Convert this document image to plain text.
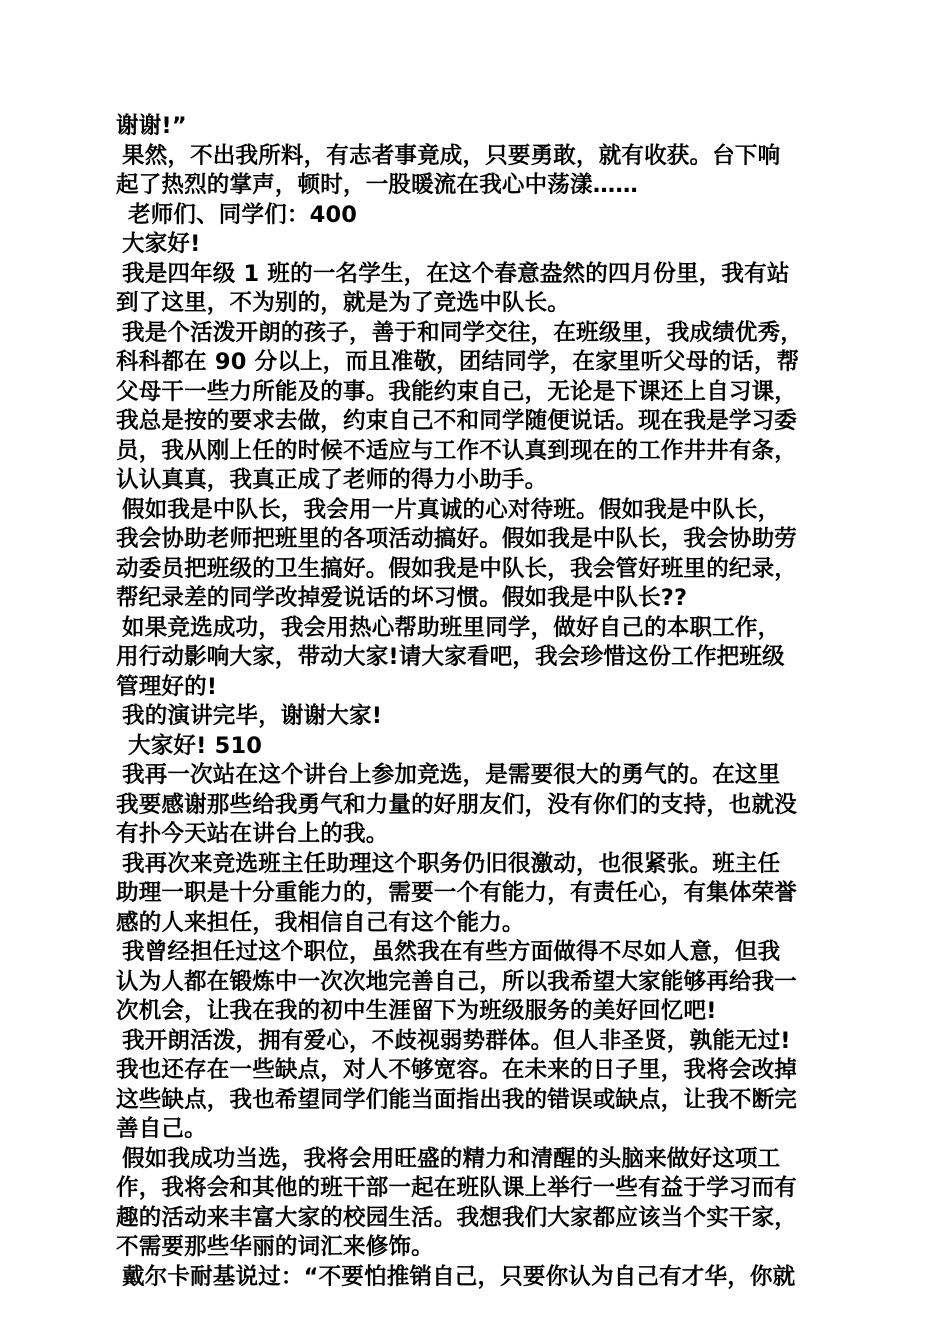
谢谢!”
果然，不出我所料，有志者事竟成，只要勇敢，就有收获。台下响
起了热烈的掌声，顿时，一股暖流在我心中荡漾……
老师们、同学们：400
大家好!
我是四年级 1 班的一名学生，在这个春意盎然的四月份里，我有站
到了这里，不为别的，就是为了竞选中队长。
我是个活泼开朗的孩子，善于和同学交往，在班级里，我成绩优秀，
科科都在 90 分以上，而且准敬，团结同学，在家里听父母的话，帮
父母干一些力所能及的事。我能约束自己，无论是下课还上自习课，
我总是按的要求去做，约束自己不和同学随便说话。现在我是学习委
员，我从刚上任的时候不适应与工作不认真到现在的工作井井有条，
认认真真，我真正成了老师的得力小助手。
假如我是中队长，我会用一片真诚的心对待班。假如我是中队长，
我会协助老师把班里的各项活动搞好。假如我是中队长，我会协助劳
动委员把班级的卫生搞好。假如我是中队长，我会管好班里的纪录，
帮纪录差的同学改掉爱说话的坏习惯。假如我是中队长??
如果竞选成功，我会用热心帮助班里同学，做好自己的本职工作，
用行动影响大家，带动大家!请大家看吧，我会珍惜这份工作把班级
管理好的!
我的演讲完毕，谢谢大家!
大家好! 510
我再一次站在这个讲台上参加竞选，是需要很大的勇气的。在这里
我要感谢那些给我勇气和力量的好朋友们，没有你们的支持，也就没
有扑今天站在讲台上的我。
我再次来竞选班主任助理这个职务仍旧很激动，也很紧张。班主任
助理一职是十分重能力的，需要一个有能力，有责任心，有集体荣誉
感的人来担任，我相信自己有这个能力。
我曾经担任过这个职位，虽然我在有些方面做得不尽如人意，但我
认为人都在锻炼中一次次地完善自己，所以我希望大家能够再给我一
次机会，让我在我的初中生涯留下为班级服务的美好回忆吧!
我开朗活泼，拥有爱心，不歧视弱势群体。但人非圣贤，孰能无过!
我也还存在一些缺点，对人不够宽容。在未来的日子里，我将会改掉
这些缺点，我也希望同学们能当面指出我的错误或缺点，让我不断完
善自己。
假如我成功当选，我将会用旺盛的精力和清醒的头脑来做好这项工
作，我将会和其他的班干部一起在班队课上举行一些有益于学习而有
趣的活动来丰富大家的校园生活。我想我们大家都应该当个实干家，
不需要那些华丽的词汇来修饰。
戴尔卡耐基说过：“不要怕推销自己，只要你认为自己有才华，你就
